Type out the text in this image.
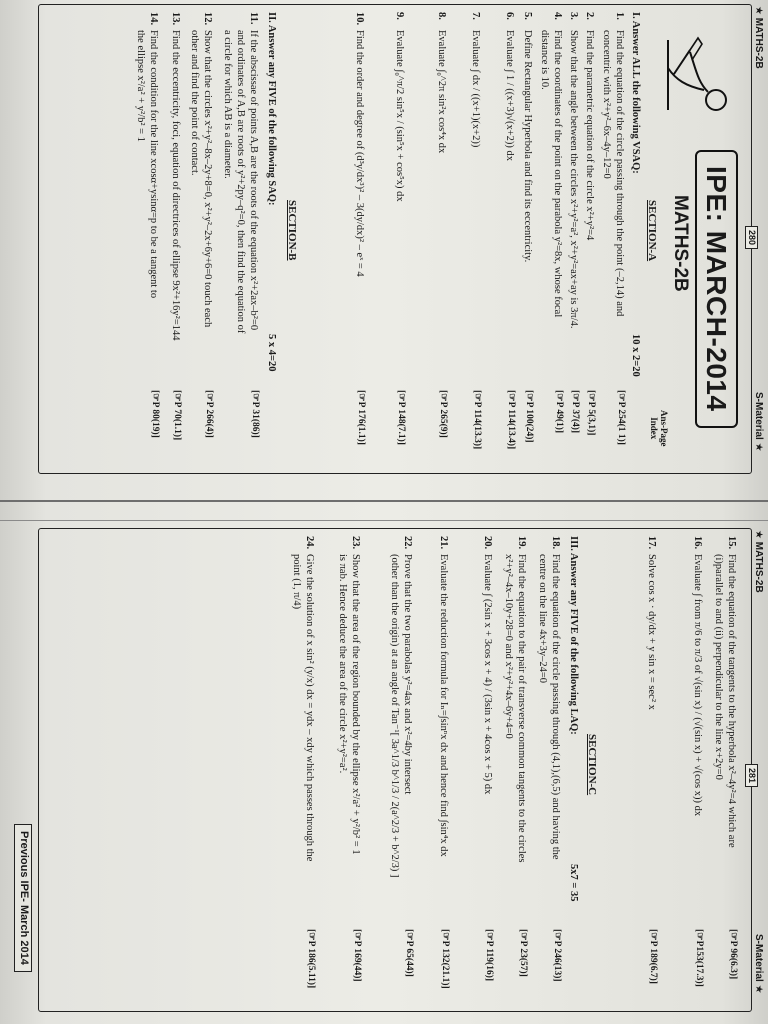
★ MATHS-2B
S-Material ★
280
IPE: MARCH-2014
MATHS-2B
SECTION-A
Ans-Page
Index
I. Answer ALL the following VSAQ:
10 x 2=20
1.Find the equation of the circle passing through the point (–2,14) and
concentric with x²+y²–6x–4y–12=0
[☞P 254(1 1)]
2.Find the parametric equation of the circle x²+y²=4
[☞P 5(3,1)]
3.Show that the angle between the circles x²+y²=a², x²+y²=ax+ay is 3π/4.
[☞P 37(4)]
4.Find the coordinates of the point on the parabola y²=8x, whose focal
distance is 10.
[☞P 49(1)]
5.Define Rectangular Hyperbola and find its eccentricity.
[☞P 100(24)]
6.Evaluate ∫ 1 / ((x+3)√(x+2)) dx
[☞P 114(13.4)]
7.Evaluate ∫ dx / ((x+1)(x+2))
[☞P 114(13.3)]
8.Evaluate ∫₀^2π sin²x cos⁴x dx
[☞P 265(9)]
9.Evaluate ∫₀^π/2 sin⁵x / (sin⁵x + cos⁵x) dx
[☞P 148(7.1)]
10.Find the order and degree of (d³y/dx³)² – 3(dy/dx)² – eˣ = 4
[☞P 176(1.1)]
SECTION-B
II. Answer any FIVE of the following SAQ:
5 x 4=20
11.If the abscissae of points A,B are the roots of the equation x²+2ax–b²=0
and ordinates of A,B are roots of y²+2py–q²=0, then find the equation of
a circle for which AB is a diameter.
[☞P 31(86)]
12.Show that the circles x²+y²–8x–2y+8=0, x²+y²–2x+6y+6=0 touch each
other and find the point of contact.
[☞P 266(4)]
13.Find the eccentricity, foci, equation of directrices of ellipse 9x²+16y²=144
[☞P 70(1.1)]
14.Find the condition for the line xcosα+ysinα=p to be a tangent to
the ellipse x²/a² + y²/b² = 1
[☞P 80(19)]
★ MATHS-2B
S-Material ★
281
15.Find the equation of the tangents to the hyperbola x²–4y²=4 which are
(i)parallel to and (ii) perpendicular to the line x+2y=0
[☞P 96(6.3)]
16.Evaluate ∫ from π/6 to π/3 of √(sin x) / (√(sin x) + √(cos x)) dx
[☞P153(17.3)]
17.Solve cos x · dy/dx + y sin x = sec² x
[☞P 189(6.7)]
SECTION-C
III. Answer any FIVE of the following LAQ:
5x7 = 35
18.Find the equation of the circle passing through (4,1),(6,5) and having the
centre on the line 4x+3y–24=0
[☞P 246(13)]
19.Find the equation to the pair of transverse common tangents to the circles
x²+y²–4x–10y+28=0 and x²+y²+4x–6y+4=0
[☞P 23(57)]
20.Evaluate ∫ (2sin x + 3cos x + 4) / (3sin x + 4cos x + 5) dx
[☞P 119(16)]
21.Evaluate the reduction formula for Iₙ=∫sinⁿx dx and hence find ∫sin⁴x dx
[☞P 132(21.1)]
22.Prove that the two parabolas y²=4ax and x²=4by intersect
(other than the origin) at an angle of Tan⁻¹[ 3a^1/3 b^1/3 / 2(a^2/3 + b^2/3) ]
[☞P 65(44)]
23.Show that the area of the region bounded by the ellipse x²/a² + y²/b² = 1
is πab. Hence deduce the area of the circle x²+y²=a².
[☞P 169(44)]
24.Give the solution of x sin² (y/x) dx = ydx – xdy which passes through the
point (1, π/4)
[☞P 186(5.11)]
Previous IPE- March 2014
